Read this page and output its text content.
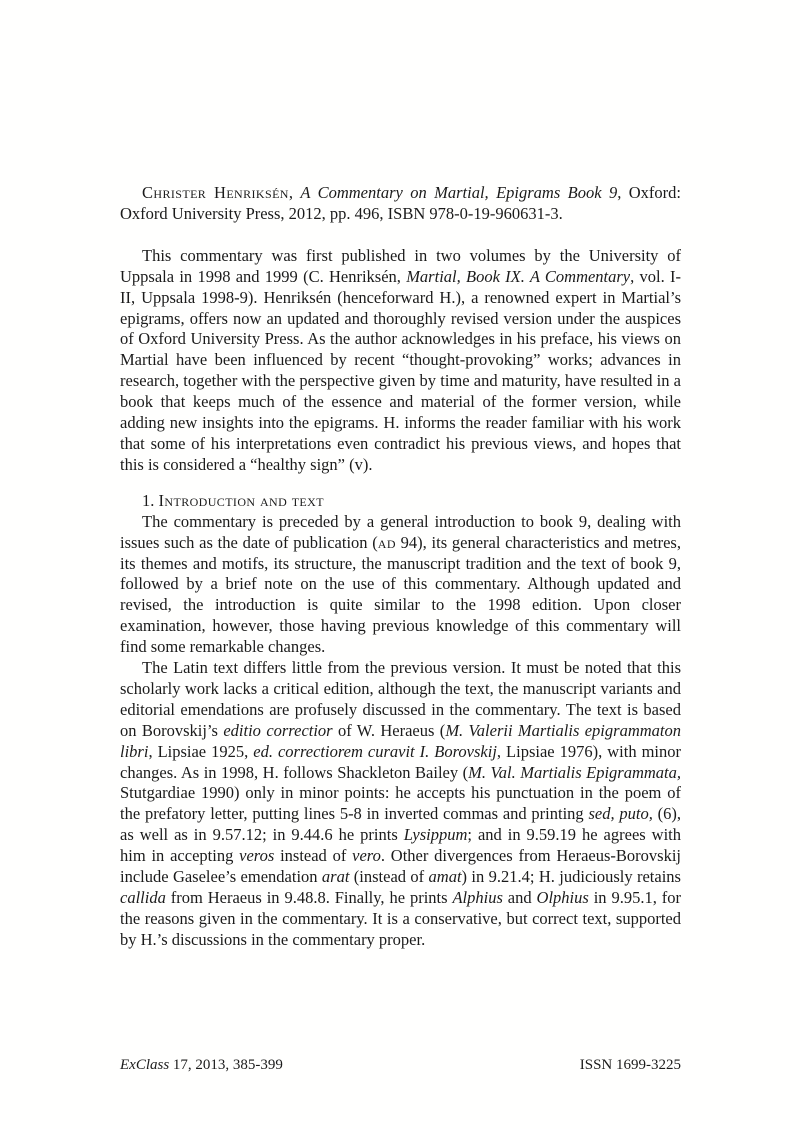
Christer Henriksén, A Commentary on Martial, Epigrams Book 9, Oxford: Oxford University Press, 2012, pp. 496, ISBN 978-0-19-960631-3.

This commentary was first published in two volumes by the University of Uppsala in 1998 and 1999 (C. Henriksén, Martial, Book IX. A Commentary, vol. I-II, Uppsala 1998-9). Henriksén (henceforward H.), a renowned expert in Martial’s epigrams, offers now an updated and thoroughly revised version under the auspices of Oxford University Press. As the author acknowledges in his preface, his views on Martial have been influenced by recent “thought-provoking” works; advances in research, together with the perspective given by time and maturity, have resulted in a book that keeps much of the essence and material of the former version, while adding new insights into the epigrams. H. informs the reader familiar with his work that some of his interpretations even contradict his previous views, and hopes that this is considered a “healthy sign” (v).

1. Introduction and text

The commentary is preceded by a general introduction to book 9, dealing with issues such as the date of publication (ad 94), its general characteristics and metres, its themes and motifs, its structure, the manuscript tradition and the text of book 9, followed by a brief note on the use of this commentary. Although updated and revised, the introduction is quite similar to the 1998 edition. Upon closer examination, however, those having previous knowledge of this commentary will find some remarkable changes.

The Latin text differs little from the previous version. It must be noted that this scholarly work lacks a critical edition, although the text, the manuscript variants and editorial emendations are profusely discussed in the commentary. The text is based on Borovskij’s editio correctior of W. Heraeus (M. Valerii Martialis epigrammaton libri, Lipsiae 1925, ed. correctiorem curavit I. Borovskij, Lipsiae 1976), with minor changes. As in 1998, H. follows Shackleton Bailey (M. Val. Martialis Epigrammata, Stutgardiae 1990) only in minor points: he accepts his punctuation in the poem of the prefatory letter, putting lines 5-8 in inverted commas and printing sed, puto, (6), as well as in 9.57.12; in 9.44.6 he prints Lysippum; and in 9.59.19 he agrees with him in accepting veros instead of vero. Other divergences from Heraeus-Borovskij include Gaselee’s emendation arat (instead of amat) in 9.21.4; H. judiciously retains callida from Heraeus in 9.48.8. Finally, he prints Alphius and Olphius in 9.95.1, for the reasons given in the commentary. It is a conservative, but correct text, supported by H.’s discussions in the commentary proper.

ExClass 17, 2013, 385-399	ISSN 1699-3225
